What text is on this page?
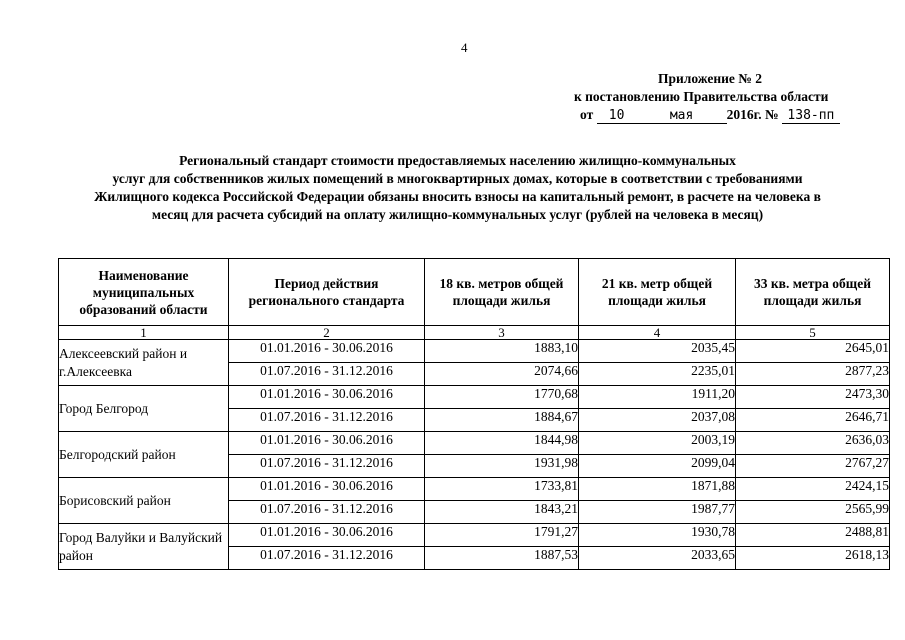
4
Приложение № 2
к постановлению Правительства области
от 10	мая 2016г. № 138-пп
Региональный стандарт стоимости предоставляемых населению жилищно-коммунальных
услуг для собственников жилых помещений в многоквартирных домах, которые в соответствии с требованиями
Жилищного кодекса Российской Федерации обязаны вносить взносы на капитальный ремонт, в расчете на человека в
месяц для расчета субсидий на оплату жилищно-коммунальных услуг (рублей на человека в месяц)
Наименование муниципальных образований области	Период действия регионального стандарта	18 кв. метров общей площади жилья	21 кв. метр общей площади жилья	33 кв. метра общей площади жилья
1	2	3	4	5
Алексеевский район и г.Алексеевка	01.01.2016 - 30.06.2016	1883,10	2035,45	2645,01
	01.07.2016 - 31.12.2016	2074,66	2235,01	2877,23
Город Белгород	01.01.2016 - 30.06.2016	1770,68	1911,20	2473,30
	01.07.2016 - 31.12.2016	1884,67	2037,08	2646,71
Белгородский район	01.01.2016 - 30.06.2016	1844,98	2003,19	2636,03
	01.07.2016 - 31.12.2016	1931,98	2099,04	2767,27
Борисовский район	01.01.2016 - 30.06.2016	1733,81	1871,88	2424,15
	01.07.2016 - 31.12.2016	1843,21	1987,77	2565,99
Город Валуйки и Валуйский район	01.01.2016 - 30.06.2016	1791,27	1930,78	2488,81
	01.07.2016 - 31.12.2016	1887,53	2033,65	2618,13
